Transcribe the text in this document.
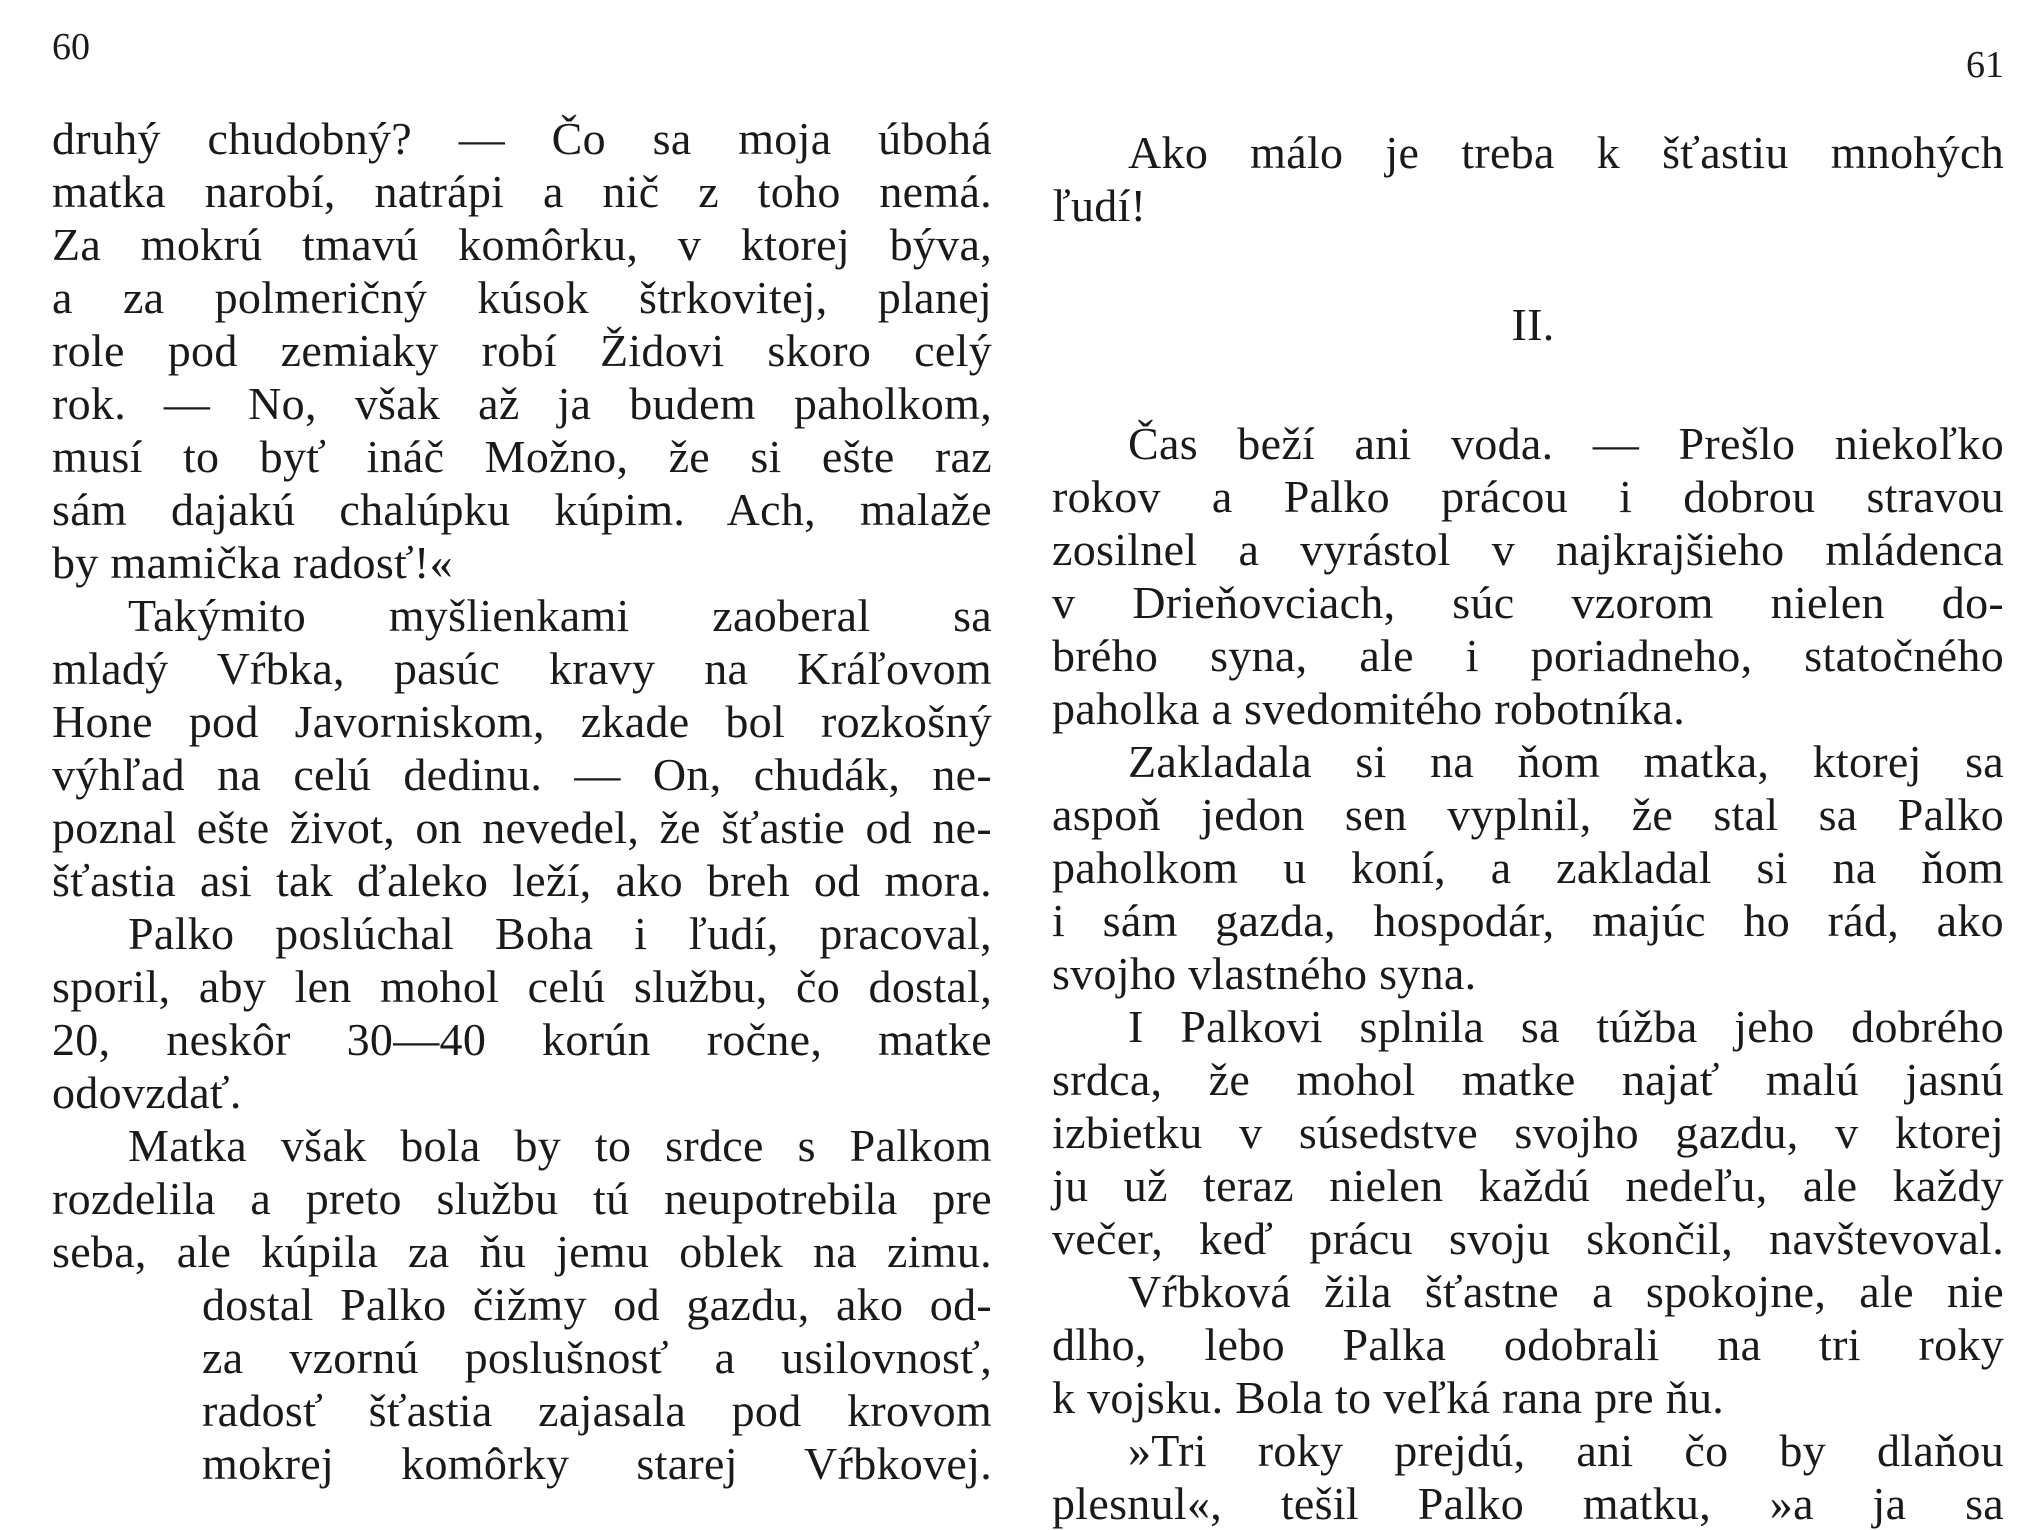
60
druhý chudobný? — Čo sa moja úbohá
matka narobí, natrápi a nič z toho nemá.
Za mokrú tmavú komôrku, v ktorej býva,
a za polmeričný kúsok štrkovitej, planej
role pod zemiaky robí Židovi skoro celý
rok. — No, však až ja budem paholkom,
musí to byť ináč Možno, že si ešte raz
sám dajakú chalúpku kúpim. Ach, malaže
by mamička radosť!«
Takýmito myšlienkami zaoberal sa
mladý Vŕbka, pasúc kravy na Kráľovom
Hone pod Javorniskom, zkade bol rozkošný
výhľad na celú dedinu. — On, chudák, ne-
poznal ešte život, on nevedel, že šťastie od ne-
šťastia asi tak ďaleko leží, ako breh od mora.
Palko poslúchal Boha i ľudí, pracoval,
sporil, aby len mohol celú službu, čo dostal,
20, neskôr 30—40 korún ročne, matke
odovzdať.
Matka však bola by to srdce s Palkom
rozdelila a preto službu tú neupotrebila pre
seba, ale kúpila za ňu jemu oblek na zimu.
dostal Palko čižmy od gazdu, ako od-
za vzornú poslušnosť a usilovnosť,
radosť šťastia zajasala pod krovom
mokrej komôrky starej Vŕbkovej.
61
Ako málo je treba k šťastiu mnohých
ľudí!
II.
Čas beží ani voda. — Prešlo niekoľko
rokov a Palko prácou i dobrou stravou
zosilnel a vyrástol v najkrajšieho mládenca
v Drieňovciach, súc vzorom nielen do-
brého syna, ale i poriadneho, statočného
paholka a svedomitého robotníka.
Zakladala si na ňom matka, ktorej sa
aspoň jedon sen vyplnil, že stal sa Palko
paholkom u koní, a zakladal si na ňom
i sám gazda, hospodár, majúc ho rád, ako
svojho vlastného syna.
I Palkovi splnila sa túžba jeho dobrého
srdca, že mohol matke najať malú jasnú
izbietku v súsedstve svojho gazdu, v ktorej
ju už teraz nielen každú nedeľu, ale každy
večer, keď prácu svoju skončil, navštevoval.
Vŕbková žila šťastne a spokojne, ale nie
dlho, lebo Palka odobrali na tri roky
k vojsku. Bola to veľká rana pre ňu.
»Tri roky prejdú, ani čo by dlaňou
plesnul«, tešil Palko matku, »a ja sa
